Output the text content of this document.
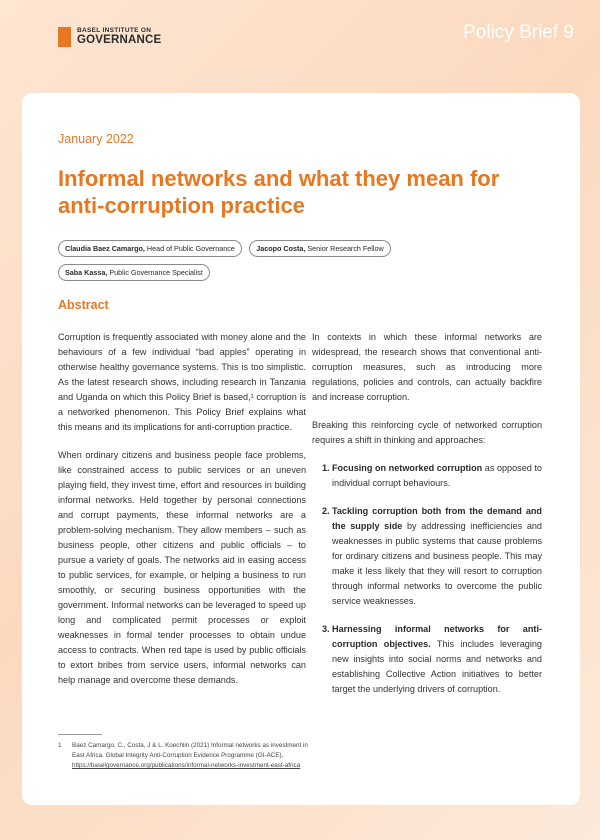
BASEL INSTITUTE ON
GOVERNANCE	Policy Brief 9
January 2022
Informal networks and what they mean for anti-corruption practice
Claudia Baez Camargo, Head of Public Governance	Jacopo Costa, Senior Research Fellow Saba Kassa, Public Governance Specialist
Abstract

Corruption is frequently associated with money alone and the behaviours of a few individual “bad apples” operating in otherwise healthy governance systems. This is too simplistic. As the latest research shows, including research in Tanzania and Uganda on which this Policy Brief is based,¹ corruption is a networked phenomenon. This Policy Brief explains what this means and its implications for anti-corruption practice.

When ordinary citizens and business people face problems, like constrained access to public services or an uneven playing field, they invest time, effort and resources in building informal networks. Held together by personal connections and corrupt payments, these informal networks are a problem-solving mechanism. They allow members – such as business people, other citizens and public officials – to pursue a variety of goals. The networks aid in easing access to public services, for example, or helping a business to run smoothly, or securing business opportunities with the government. Informal networks can be leveraged to speed up long and complicated permit processes or exploit weaknesses in formal tender processes to obtain undue access to contracts. When red tape is used by public officials to extort bribes from service users, informal networks can help manage and overcome these demands.

In contexts in which these informal networks are widespread, the research shows that conventional anti-corruption measures, such as introducing more regulations, policies and controls, can actually backfire and increase corruption.

Breaking this reinforcing cycle of networked corruption requires a shift in thinking and approaches:

1. Focusing on networked corruption as opposed to individual corrupt behaviours.
2. Tackling corruption both from the demand and the supply side by addressing inefficiencies and weaknesses in public systems that cause problems for ordinary citizens and business people. This may make it less likely that they will resort to corruption through informal networks to overcome the public service weaknesses.
3. Harnessing informal networks for anti-corruption objectives. This includes leveraging new insights into social norms and networks and establishing Collective Action initiatives to better target the underlying drivers of corruption.
1	Baez Camargo, C., Costa, J & L. Koechlin (2021) Informal networks as investment in East Africa. Global Integrity Anti-Corruption Evidence Programme (GI-ACE), https://baselgovernance.org/publications/informal-networks-investment-east-africa
